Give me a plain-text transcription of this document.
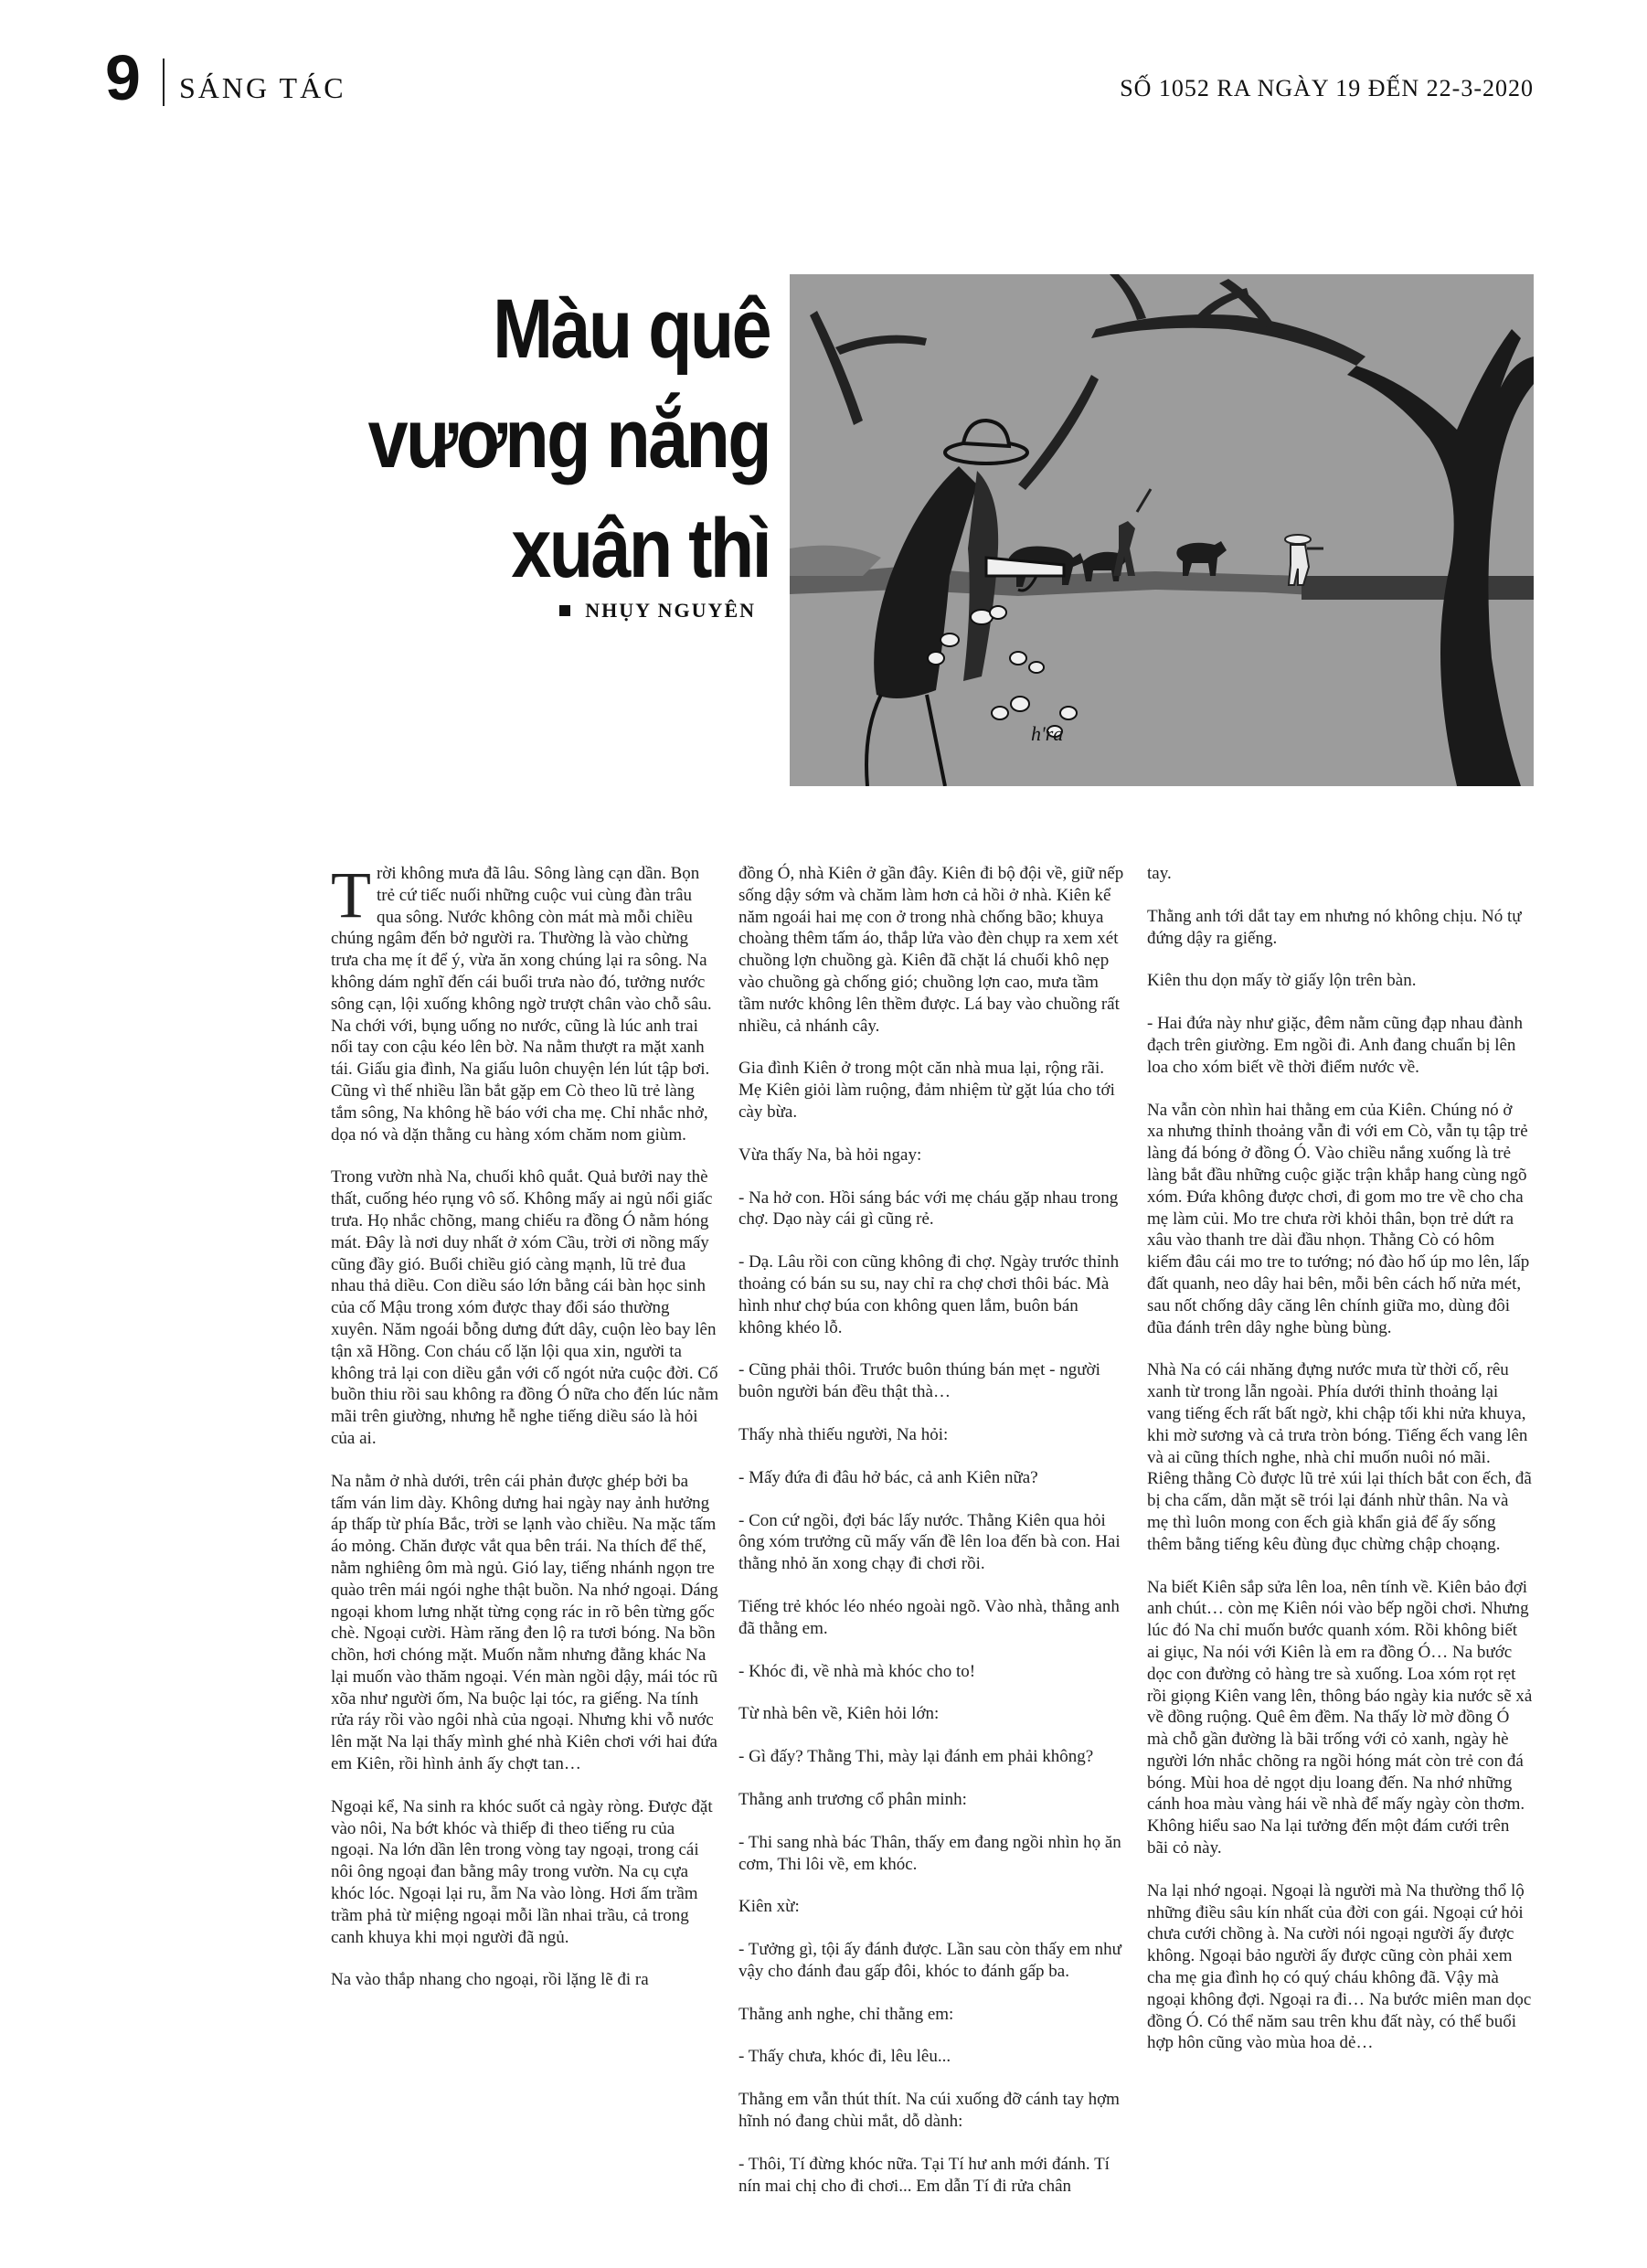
9 SÁNG TÁC	SỐ 1052 RA NGÀY 19 ĐẾN 22-3-2020
Màu quê
vương nắng
xuân thì
NHỤY NGUYÊN
h'ra

Trời không mưa đã lâu. Sông làng cạn dần. Bọn trẻ cứ tiếc nuối những cuộc vui cùng đàn trâu qua sông. Nước không còn mát mà mỗi chiều chúng ngâm đến bở người ra. Thường là vào chừng trưa cha mẹ ít để ý, vừa ăn xong chúng lại ra sông. Na không dám nghĩ đến cái buổi trưa nào đó, tưởng nước sông cạn, lội xuống không ngờ trượt chân vào chỗ sâu. Na chới với, bụng uống no nước, cũng là lúc anh trai nối tay con cậu kéo lên bờ. Na nằm thượt ra mặt xanh tái. Giấu gia đình, Na giấu luôn chuyện lén lút tập bơi. Cũng vì thế nhiều lần bắt gặp em Cò theo lũ trẻ làng tắm sông, Na không hề báo với cha mẹ. Chỉ nhắc nhở, dọa nó và dặn thằng cu hàng xóm chăm nom giùm.

Trong vườn nhà Na, chuối khô quắt. Quả bưởi nay thè thất, cuống héo rụng vô số. Không mấy ai ngủ nổi giấc trưa. Họ nhắc chõng, mang chiếu ra đồng Ó nằm hóng mát. Đây là nơi duy nhất ở xóm Cầu, trời ơi nồng mấy cũng đầy gió. Buổi chiều gió càng mạnh, lũ trẻ đua nhau thả diều. Con diều sáo lớn bằng cái bàn học sinh của cố Mậu trong xóm được thay đổi sáo thường xuyên. Năm ngoái bỗng dưng đứt dây, cuộn lèo bay lên tận xã Hồng. Con cháu cố lặn lội qua xin, người ta không trả lại con diều gắn với cố ngót nửa cuộc đời. Cố buồn thiu rồi sau không ra đồng Ó nữa cho đến lúc nằm mãi trên giường, nhưng hễ nghe tiếng diều sáo là hỏi của ai.

Na nằm ở nhà dưới, trên cái phản được ghép bởi ba tấm ván lim dày. Không dưng hai ngày nay ảnh hưởng áp thấp từ phía Bắc, trời se lạnh vào chiều. Na mặc tấm áo mỏng. Chăn được vắt qua bên trái. Na thích để thế, nằm nghiêng ôm mà ngủ. Gió lay, tiếng nhánh ngọn tre quào trên mái ngói nghe thật buồn. Na nhớ ngoại. Dáng ngoại khom lưng nhặt từng cọng rác in rõ bên từng gốc chè. Ngoại cười. Hàm răng đen lộ ra tươi bóng. Na bồn chồn, hơi chóng mặt. Muốn nằm nhưng đằng khác Na lại muốn vào thăm ngoại. Vén màn ngồi dậy, mái tóc rũ xõa như người ốm, Na buộc lại tóc, ra giếng. Na tính rửa ráy rồi vào ngôi nhà của ngoại. Nhưng khi vỗ nước lên mặt Na lại thấy mình ghé nhà Kiên chơi với hai đứa em Kiên, rồi hình ảnh ấy chợt tan…

Ngoại kể, Na sinh ra khóc suốt cả ngày ròng. Được đặt vào nôi, Na bớt khóc và thiếp đi theo tiếng ru của ngoại. Na lớn dần lên trong vòng tay ngoại, trong cái nôi ông ngoại đan bằng mây trong vườn. Na cụ cựa khóc lóc. Ngoại lại ru, ẵm Na vào lòng. Hơi ấm trầm trầm phả từ miệng ngoại mỗi lần nhai trầu, cả trong canh khuya khi mọi người đã ngủ.

Na vào thắp nhang cho ngoại, rồi lặng lẽ đi ra

đồng Ó, nhà Kiên ở gần đây. Kiên đi bộ đội về, giữ nếp sống dậy sớm và chăm làm hơn cả hồi ở nhà. Kiên kể năm ngoái hai mẹ con ở trong nhà chống bão; khuya choàng thêm tấm áo, thắp lửa vào đèn chụp ra xem xét chuồng lợn chuồng gà. Kiên đã chặt lá chuối khô nẹp vào chuồng gà chống gió; chuồng lợn cao, mưa tầm tầm nước không lên thềm được. Lá bay vào chuồng rất nhiều, cả nhánh cây.

Gia đình Kiên ở trong một căn nhà mua lại, rộng rãi. Mẹ Kiên giỏi làm ruộng, đảm nhiệm từ gặt lúa cho tới cày bừa.

Vừa thấy Na, bà hỏi ngay:

- Na hở con. Hồi sáng bác với mẹ cháu gặp nhau trong chợ. Dạo này cái gì cũng rẻ.

- Dạ. Lâu rồi con cũng không đi chợ. Ngày trước thỉnh thoảng có bán su su, nay chỉ ra chợ chơi thôi bác. Mà hình như chợ búa con không quen lắm, buôn bán không khéo lỗ.

- Cũng phải thôi. Trước buôn thúng bán mẹt - người buôn người bán đều thật thà…

Thấy nhà thiếu người, Na hỏi:

- Mấy đứa đi đâu hở bác, cả anh Kiên nữa?

- Con cứ ngồi, đợi bác lấy nước. Thằng Kiên qua hỏi ông xóm trưởng cũ mấy vấn đề lên loa đến bà con. Hai thằng nhỏ ăn xong chạy đi chơi rồi.

Tiếng trẻ khóc léo nhéo ngoài ngõ. Vào nhà, thằng anh đã thằng em.

- Khóc đi, về nhà mà khóc cho to!

Từ nhà bên về, Kiên hỏi lớn:

- Gì đấy? Thằng Thi, mày lại đánh em phải không?

Thằng anh trương cổ phân minh:

- Thi sang nhà bác Thân, thấy em đang ngồi nhìn họ ăn cơm, Thi lôi về, em khóc.

Kiên xừ:

- Tưởng gì, tội ấy đánh được. Lần sau còn thấy em như vậy cho đánh đau gấp đôi, khóc to đánh gấp ba.

Thằng anh nghe, chỉ thằng em:

- Thấy chưa, khóc đi, lêu lêu...

Thằng em vẫn thút thít. Na cúi xuống đỡ cánh tay hợm hĩnh nó đang chùi mắt, dỗ dành:

- Thôi, Tí đừng khóc nữa. Tại Tí hư anh mới đánh. Tí nín mai chị cho đi chơi... Em dẫn Tí đi rửa chân

tay.

Thằng anh tới dắt tay em nhưng nó không chịu. Nó tự đứng dậy ra giếng.

Kiên thu dọn mấy tờ giấy lộn trên bàn.

- Hai đứa này như giặc, đêm nằm cũng đạp nhau đành đạch trên giường. Em ngồi đi. Anh đang chuẩn bị lên loa cho xóm biết về thời điểm nước về.

Na vẫn còn nhìn hai thằng em của Kiên. Chúng nó ở xa nhưng thỉnh thoảng vẫn đi với em Cò, vẫn tụ tập trẻ làng đá bóng ở đồng Ó. Vào chiều nắng xuống là trẻ làng bắt đầu những cuộc giặc trận khắp hang cùng ngõ xóm. Đứa không được chơi, đi gom mo tre về cho cha mẹ làm củi. Mo tre chưa rời khỏi thân, bọn trẻ dứt ra xâu vào thanh tre dài đầu nhọn. Thằng Cò có hôm kiếm đâu cái mo tre to tướng; nó đào hố úp mo lên, lấp đất quanh, neo dây hai bên, mỗi bên cách hố nửa mét, sau nốt chống dây căng lên chính giữa mo, dùng đôi đũa đánh trên dây nghe bùng bùng.

Nhà Na có cái nhăng đựng nước mưa từ thời cố, rêu xanh từ trong lẫn ngoài. Phía dưới thỉnh thoảng lại vang tiếng ếch rất bất ngờ, khi chập tối khi nửa khuya, khi mờ sương và cả trưa tròn bóng. Tiếng ếch vang lên và ai cũng thích nghe, nhà chỉ muốn nuôi nó mãi. Riêng thằng Cò được lũ trẻ xúi lại thích bắt con ếch, đã bị cha cấm, dằn mặt sẽ trói lại đánh nhừ thân. Na và mẹ thì luôn mong con ếch già khẩn giả để ấy sống thêm bằng tiếng kêu đùng đục chừng chập choạng.

Na biết Kiên sắp sửa lên loa, nên tính về. Kiên bảo đợi anh chút… còn mẹ Kiên nói vào bếp ngồi chơi. Nhưng lúc đó Na chỉ muốn bước quanh xóm. Rồi không biết ai giục, Na nói với Kiên là em ra đồng Ó… Na bước dọc con đường cỏ hàng tre sà xuống. Loa xóm rọt rẹt rồi giọng Kiên vang lên, thông báo ngày kia nước sẽ xả về đồng ruộng. Quê êm đềm. Na thấy lờ mờ đồng Ó mà chỗ gần đường là bãi trống với cỏ xanh, ngày hè người lớn nhắc chõng ra ngồi hóng mát còn trẻ con đá bóng. Mùi hoa dẻ ngọt dịu loang đến. Na nhớ những cánh hoa màu vàng hái về nhà để mấy ngày còn thơm. Không hiểu sao Na lại tưởng đến một đám cưới trên bãi cỏ này.

Na lại nhớ ngoại. Ngoại là người mà Na thường thổ lộ những điều sâu kín nhất của đời con gái. Ngoại cứ hỏi chưa cưới chồng à. Na cười nói ngoại người ấy được không. Ngoại bảo người ấy được cũng còn phải xem cha mẹ gia đình họ có quý cháu không đã. Vậy mà ngoại không đợi. Ngoại ra đi… Na bước miên man dọc đồng Ó. Có thể năm sau trên khu đất này, có thể buổi hợp hôn cũng vào mùa hoa dẻ…
